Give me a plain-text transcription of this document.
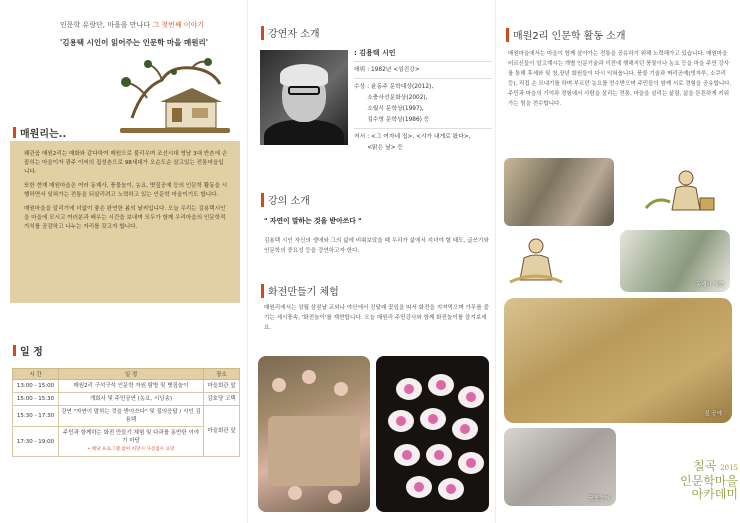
인문학 유랑단, 마을을 만나다 그 첫번째 이야기
'김용택 시인이 읽어주는 인문학 마을 매원리'
매원리는..

왜관읍 매원2리는 매화와 같다하여 매원으로 불리우며 조선시대 영남 3대 반촌에 손꼽히는 마을이자 광주 이씨의 집성촌으로 98세대가 오순도순 살고있는 전통마을입니다.

또한 현재 매원마을은 여러 동제사, 풍물놀이, 농요, 볏짚공예 등의 인문학 활동을 시행하면서 잊혀가는 전통을 되살리려고 노력하고 있는 인문학 마을이기도 합니다.

매원마을을 알리기에 더없이 좋은 완연한 봄의 날씨입니다. 오늘 우리는 김용택시인을 마을에 모시고 여러분과 배우는 시간을 보내며 모두가 함께 우리마을의 인문학적 가치를 공감하고 나누는 자리를 갖고자 합니다.

일 정
시 간	일 정	장소
13:00 - 15:00	매원2리 구석구석 인문학 자원 탐방 및 볏짚놀이	마을회관 앞
15:00 - 15:30	개회사 및 주민공연 (농요, 시낭송)	감호당 고택
15:30 - 17:30	강연 "자연이 말하는 것을 받아쓰다" 및 질의응답 / 시인 김용택	마을회관 앞
17:30 - 19:00	주민과 함께하는 화전 만들기 체험 및 다과를 동반한 이야기 마당
• 해당 프로그램 참여 희망시 사전접수 요망	
강연자 소개
: 김용택 시인
데뷔 : 1982년 <섬진강>
수상 : 윤동주 문학대상(2012),
소충사선문화상(2002),
소월시 문학상(1997),
김수영 문학상(1986) 등
저서 : <그 여자네 집>, <시가 내게로 왔다>,
<맑은 날> 등
강의 소개
" 자연이 말하는 것을 받아쓰다 "
김용택 시인 자신의 생애와 그의 삶에 비춰보았을 때 우리가 삶에서 지녀야 할 태도, 글쓰기와 인문학의 중요성 등을 강연하고자 한다.
화전만들기 체험
매원리에서는 삼월 삼짇날 교외나 야산에서 진달래 꽃잎을 따서 화전을 지져먹으며 가무를 즐기는 세시풍속, '화전놀이'를 재현합니다. 오늘 매원리 주민강사와 함께 화전놀이를 즐겨보세요.
매원2리 인문학 활동 소개
매원마을에서는 마을이 함께 살아가는 전통을 공유하기 위해 노력해가고 있습니다. 매원마을 어르신들이 알고계시는 개별 인문기술과 이전에 행해지던 풍물이나 농요 등을 마을 주민 강사를 통해 후세와 및 청,장년 회원들이 다시 익혀옵니다. 풍물 기술과 짜리공예(빗자루, 소쿠리 등), 직접 손 모내기를 하며 부르던 농요를 전수받으며 주민들이 함께 서로 경험을 공유합니다. 주민과 마을의 기억과 경험에서 사람을 살리는 전통, 마을을 살리는 삶림, 삶을 튼튼하게 키워가는 힘을 전수합니다.
동제사 재현
짚 공예
풍물놀이
칠곡 2015
인문학마을
아카데미
